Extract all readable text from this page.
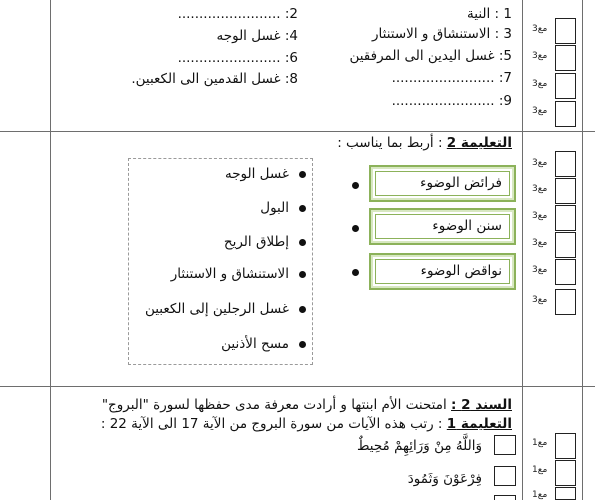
1 : النية
3 : الاستنشاق و الاستنثار
5: غسل اليدين الى المرفقين
7: ........................
9: ........................
2: ........................
4: غسل الوجه
6: ........................
8: غسل القدمين الى الكعبين.
مع3
مع3
مع3
مع3
التعليمة 2 : أربط بما يناسب :
فرائض الوضوء
سنن الوضوء
نواقض الوضوء
غسل الوجه
البول
إطلاق الريح
الاستنشاق و الاستنثار
غسل الرجلين إلى الكعبين
مسح الأذنين
مع3
مع3
مع3
مع3
مع3
مع3
السند 2 : امتحنت الأم ابنتها و أرادت معرفة مدى حفظها لسورة "البروج"
التعليمة 1 : رتب هذه الآيات من سورة البروج من الآية 17 الى الآية 22 :
وَاللَّهُ مِنْ وَرَائِهِمْ مُحِيطٌ
فِرْعَوْنَ وَثَمُودَ
مع1
مع1
مع1
